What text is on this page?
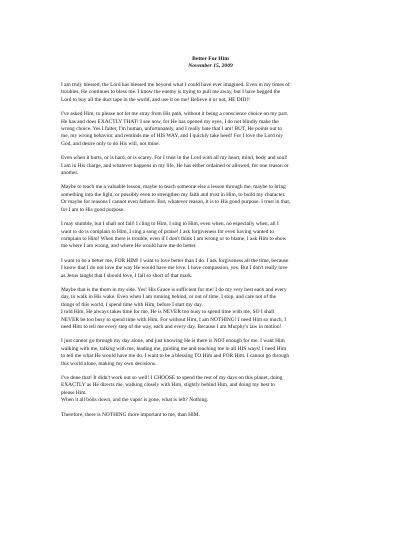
Better For Him
November 15, 2009
I am truly blessed, the Lord has blessed me beyond what I could have ever imagined. Even in my times of
troubles, He continues to bless me. I know the enemy is trying to pull me away, but I have begged the
Lord to buy all the duct tape in the world, and use it on me! Believe it or not, HE DID!!
I've asked Him, to please not let me stray from His path, without it being a conscience choice on my part.
He has and does EXACTLY THAT! I see now, for He has opened my eyes, I do not blindly make the
wrong choice. Yes I falter, I'm human, unfortunately, and I really hate that I am! BUT, He points out to
me, my wrong behavior, and reminds me of HIS WAY, and I quickly take heed! For I love the Lord my
God, and desire only to do His will, not mine.
Even when it hurts, or is hard, or is scarey. For I trust in the Lord with all my heart, mind, body and soul!
I am in His charge, and whatever happens in my life, He has either ordained or allowed, for one reason or
another.
Maybe to teach me a valuable lesson, maybe to teach someone else a lesson through me, maybe to bring
something into the light, or possibly even to strengthen my faith and trust in Him, to build my character.
Or maybe for reasons I cannot even fathom. But, whatever reason, it is to His good purpose. I trust in that,
for I am to His good purpose.
I may stumble, but I shall not fall! I cling to Him, I sing to Him, even when, no especially when, all I
want to do is complain to Him, I sing a song of praise! I ask forgiveness for even having wanted to
complain to Him! When there is trouble, even if I don't think I am wrong or to blame, I ask Him to show
me where I am wrong, and where He would have me do better.
I want to be a better me, FOR HIM! I want to love better than I do. I ask forgiveness all the time, because
I know that I do not love the way He would have me love. I have compassion, yes. But I don't really love
as Jesus taught that I should love, I fall so short of that mark.
Maybe that is the thorn in my side. Yes! His Grace is sufficient for me! I do my very best each and every
day, to walk in His wake. Even when I am running behind, or out of time, I stop, and care not of the
things of this world, I spend time with Him, before I start my day.
I told Him, He always takes time for me, He is NEVER too busy to spend time with me, SO I shall
NEVER be too busy to spend time with Him. For without Him, I am NOTHING! I need Him so much, I
need Him to tell me every step of the way, each and every day. Because I am Murphy's law in motion!
I just cannot go through my day alone, and just knowing He is there is NOT enough for me. I want Him
walking with me, talking with me, leading me, guiding me and teaching me in all HIS ways! I need Him
to tell me what He would have me do. I want to be a blessing TO Him and FOR Him. I cannot go through
this world alone, making my own decisions.
I've done that! It didn't work out so well! I CHOOSE to spend the rest of my days on this planet, doing
EXACTLY as He directs me, walking closely with Him, slightly behind Him, and doing my best to
please Him.
When it all boils down, and the vapor is gone, what is left? Nothing.
Therefore, there is NOTHING more important to me, than HIM.
